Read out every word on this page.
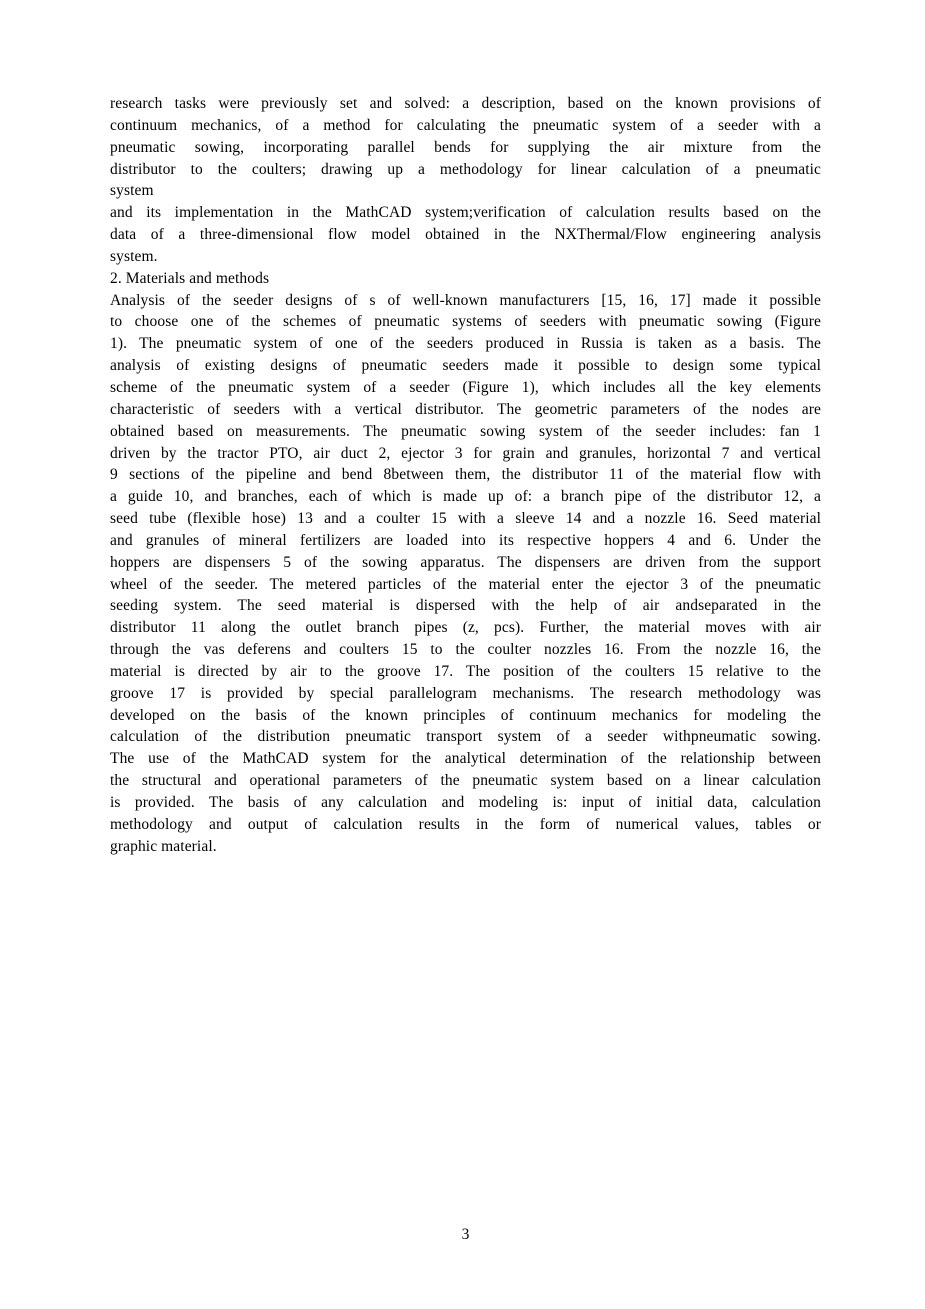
research tasks were previously set and solved: a description, based on the known provisions of
continuum mechanics, of a method for calculating the pneumatic system of a seeder with a
pneumatic sowing, incorporating parallel bends for supplying the air mixture from the
distributor to the coulters; drawing up a methodology for linear calculation of a pneumatic
system
and its implementation in the MathCAD system;verification of calculation results based on the
data of a three-dimensional flow model obtained in the NXThermal/Flow engineering analysis
system.
2. Materials and methods
Analysis of the seeder designs of s of well-known manufacturers [15, 16, 17] made it possible
to choose one of the schemes of pneumatic systems of seeders with pneumatic sowing (Figure
1). The pneumatic system of one of the seeders produced in Russia is taken as a basis. The
analysis of existing designs of pneumatic seeders made it possible to design some typical
scheme of the pneumatic system of a seeder (Figure 1), which includes all the key elements
characteristic of seeders with a vertical distributor. The geometric parameters of the nodes are
obtained based on measurements. The pneumatic sowing system of the seeder includes: fan 1
driven by the tractor PTO, air duct 2, ejector 3 for grain and granules, horizontal 7 and vertical
9 sections of the pipeline and bend 8between them, the distributor 11 of the material flow with
a guide 10, and branches, each of which is made up of: a branch pipe of the distributor 12, a
seed tube (flexible hose) 13 and a coulter 15 with a sleeve 14 and a nozzle 16. Seed material
and granules of mineral fertilizers are loaded into its respective hoppers 4 and 6. Under the
hoppers are dispensers 5 of the sowing apparatus. The dispensers are driven from the support
wheel of the seeder. The metered particles of the material enter the ejector 3 of the pneumatic
seeding system. The seed material is dispersed with the help of air andseparated in the
distributor 11 along the outlet branch pipes (z, pcs). Further, the material moves with air
through the vas deferens and coulters 15 to the coulter nozzles 16. From the nozzle 16, the
material is directed by air to the groove 17. The position of the coulters 15 relative to the
groove 17 is provided by special parallelogram mechanisms. The research methodology was
developed on the basis of the known principles of continuum mechanics for modeling the
calculation of the distribution pneumatic transport system of a seeder withpneumatic sowing.
The use of the MathCAD system for the analytical determination of the relationship between
the structural and operational parameters of the pneumatic system based on a linear calculation
is provided. The basis of any calculation and modeling is: input of initial data, calculation
methodology and output of calculation results in the form of numerical values, tables or
graphic material.
3
